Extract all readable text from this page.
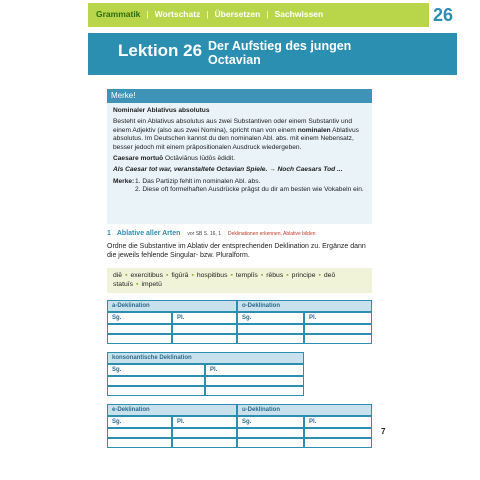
Grammatik | Wortschatz | Übersetzen | Sachwissen	26
Lektion 26 Der Aufstieg des jungen
Octavian
Merke!

Nominaler Ablativus absolutus

Besteht ein Ablativus absolutus aus zwei Substantiven oder einem Substantiv und einem Adjektiv (also aus zwei Nomina), spricht man von einem nominalen Ablativus absolutus. Im Deutschen kannst du den nominalen Abl. abs. mit einem Nebensatz, besser jedoch mit einem präpositionalen Ausdruck wiedergeben.

Caesare mortuō Octāviānus lūdōs ēdidit.

Als Caesar tot war, veranstaltete Octavian Spiele. → Noch Caesars Tod ...

Merke: 1. Das Partizip fehlt im nominalen Abl. abs.
2. Diese oft formelhaften Ausdrücke prägst du dir am besten wie Vokabeln ein.
1 Ablative aller Arten vor SB S. 16, 1 Deklinationen erkennen, Ablative bilden
Ordne die Substantive im Ablativ der entsprechenden Deklination zu. Ergänze dann die jeweils fehlende Singular- bzw. Pluralform.
diē ▪ exercitibus ▪ figūrā ▪ hospitibus ▪ templīs ▪ rēbus ▪ principe ▪ deō
statuīs ▪ impetū
a-Deklination	o-Deklination
Sg.	Pl.	Sg.	Pl.
konsonantische Deklination
Sg.	Pl.
e-Deklination	u-Deklination
Sg.	Pl.	Sg.	Pl.
7
